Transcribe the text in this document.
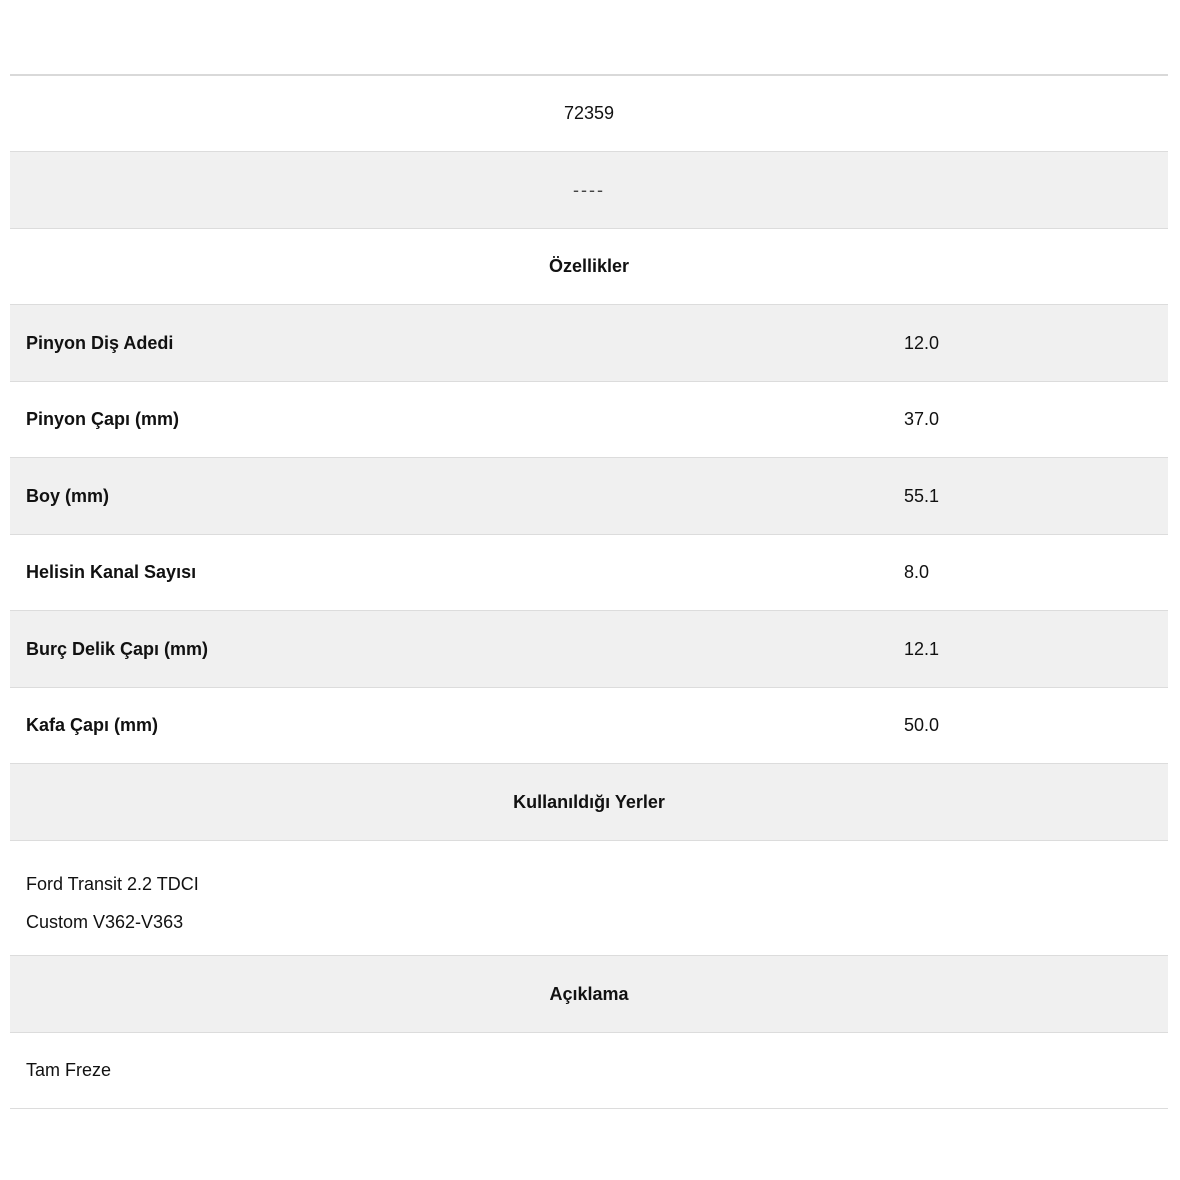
72359
----
Özellikler
Pinyon Diş Adedi	12.0
Pinyon Çapı (mm)	37.0
Boy (mm)	55.1
Helisin Kanal Sayısı	8.0
Burç Delik Çapı (mm)	12.1
Kafa Çapı (mm)	50.0
Kullanıldığı Yerler
Ford Transit 2.2 TDCI
Custom V362-V363
Açıklama
Tam Freze
